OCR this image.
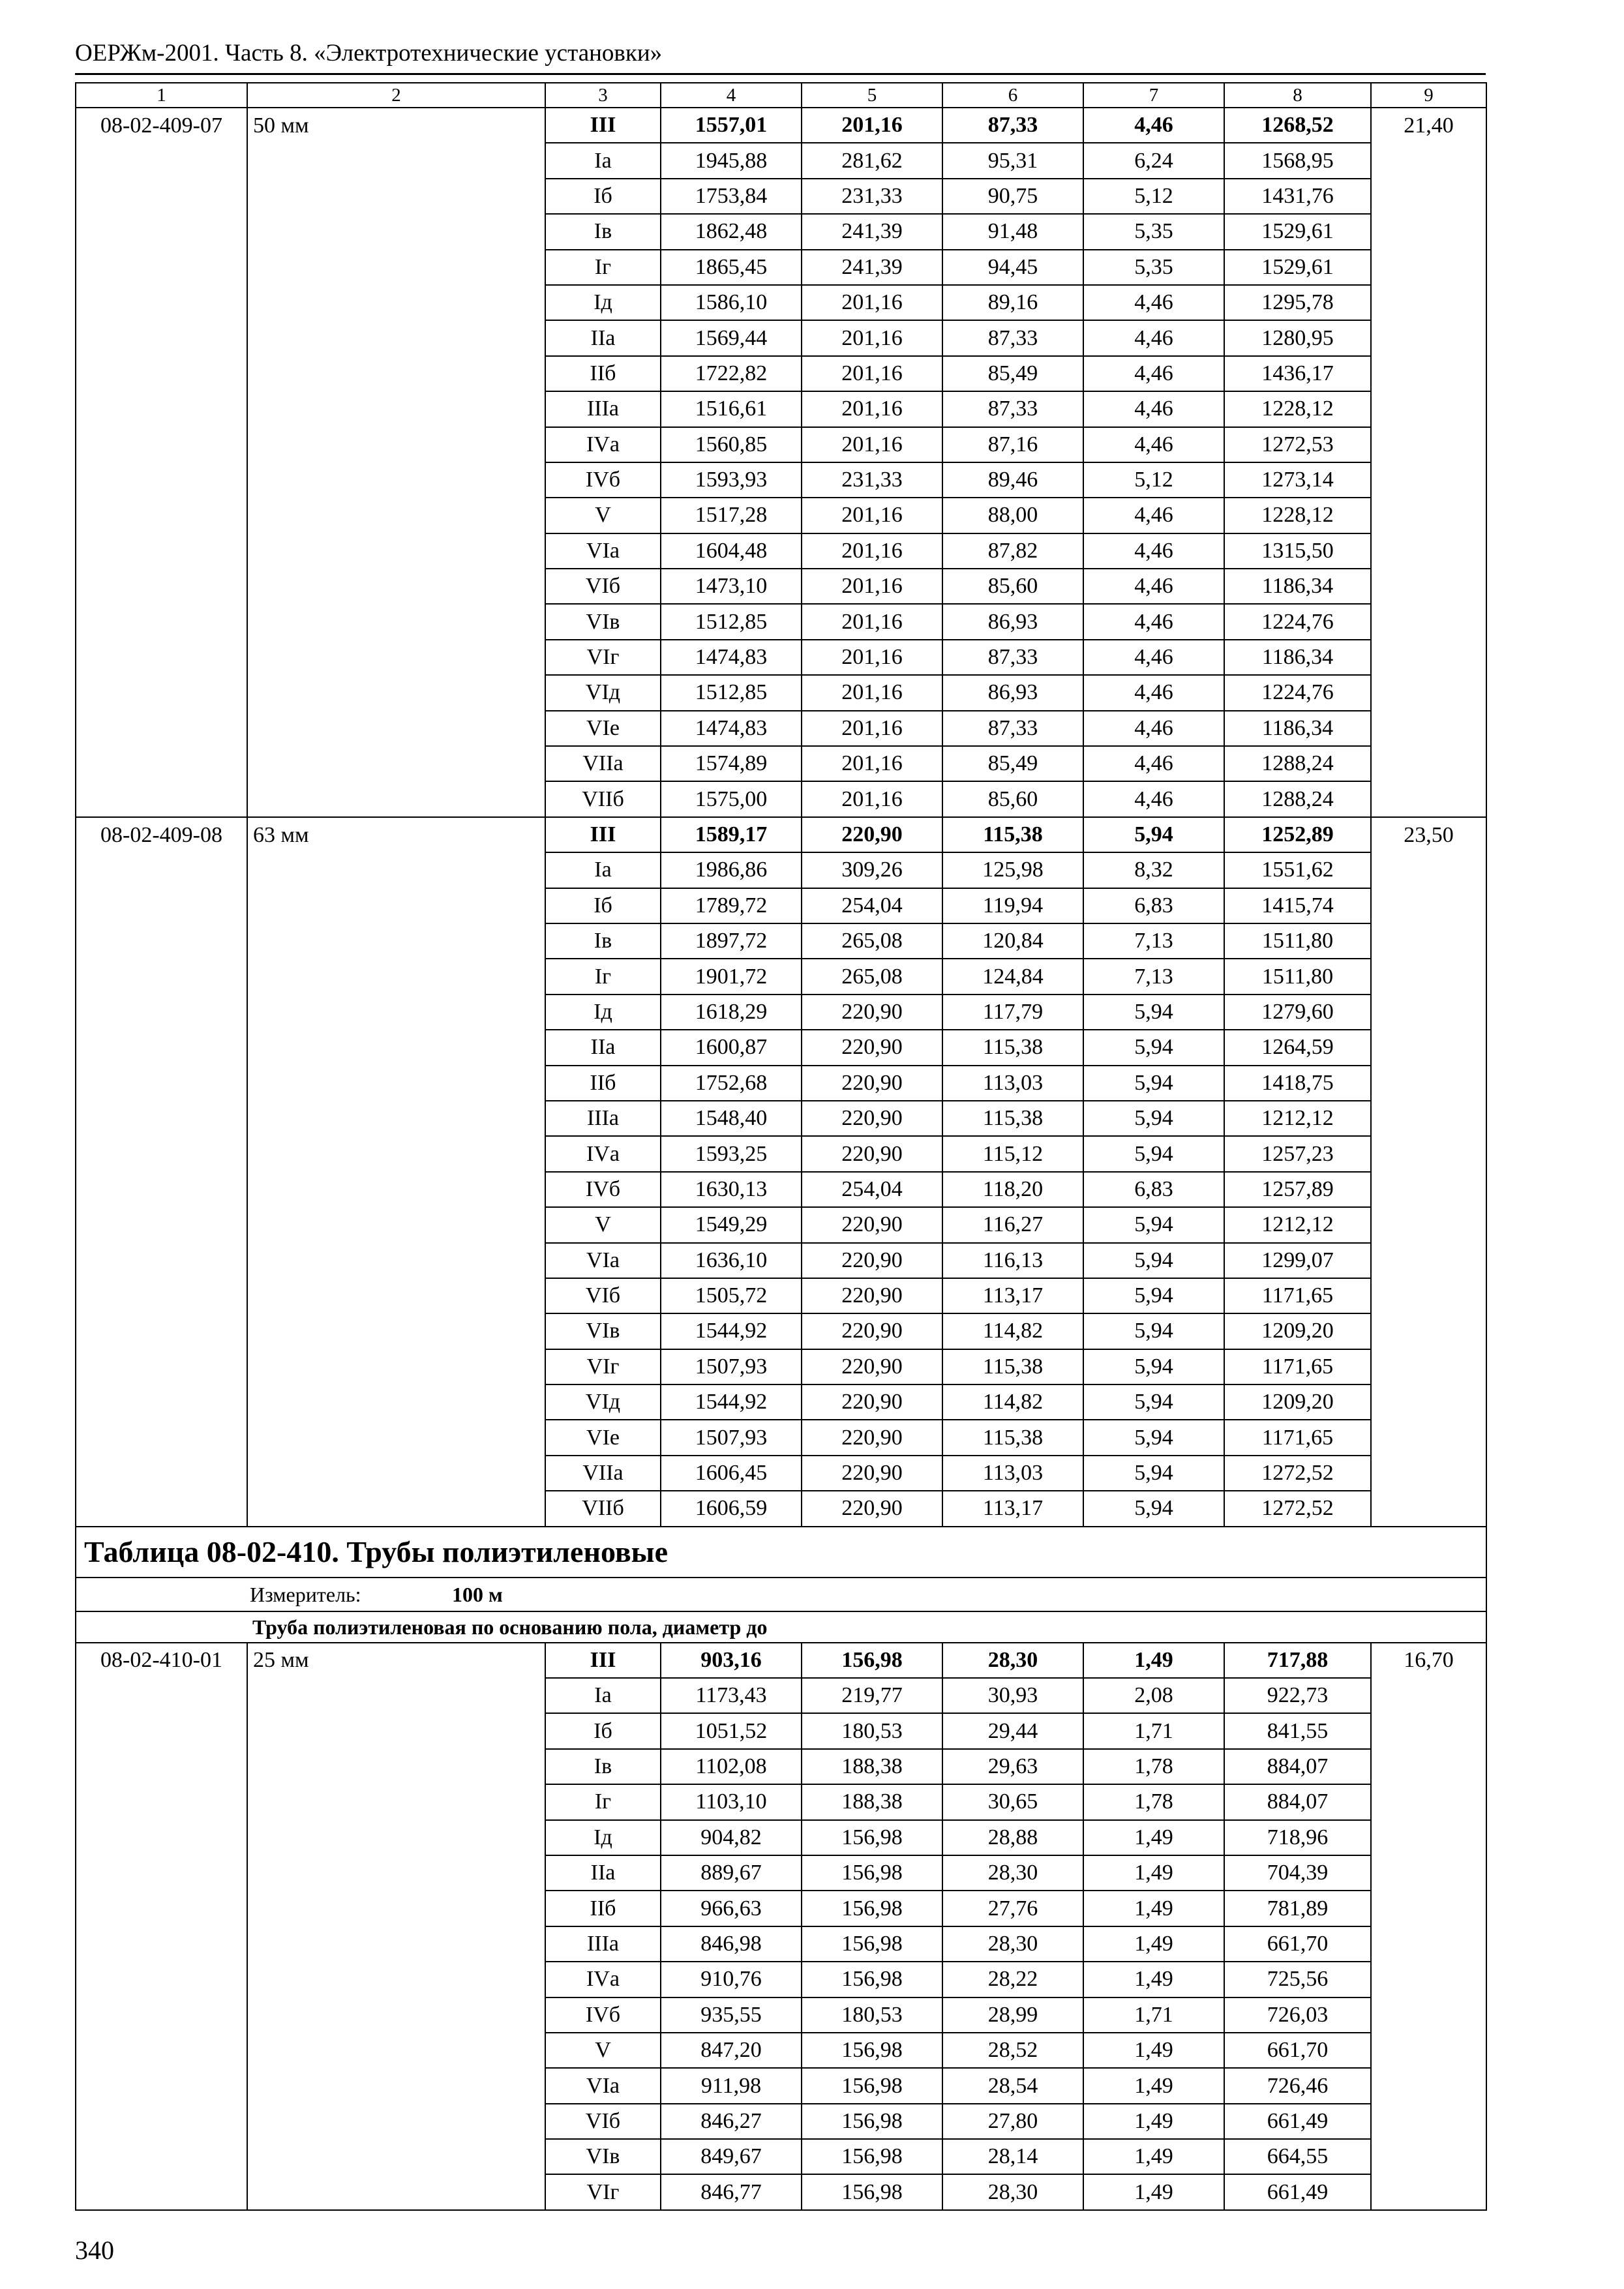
ОЕРЖм-2001. Часть 8. «Электротехнические установки»
1	2	3	4	5	6	7	8	9
08-02-409-07	50 мм	III	1557,01	201,16	87,33	4,46	1268,52	21,40
		Iа	1945,88	281,62	95,31	6,24	1568,95	
		Iб	1753,84	231,33	90,75	5,12	1431,76	
		Iв	1862,48	241,39	91,48	5,35	1529,61	
		Iг	1865,45	241,39	94,45	5,35	1529,61	
		Iд	1586,10	201,16	89,16	4,46	1295,78	
		IIа	1569,44	201,16	87,33	4,46	1280,95	
		IIб	1722,82	201,16	85,49	4,46	1436,17	
		IIIа	1516,61	201,16	87,33	4,46	1228,12	
		IVа	1560,85	201,16	87,16	4,46	1272,53	
		IVб	1593,93	231,33	89,46	5,12	1273,14	
		V	1517,28	201,16	88,00	4,46	1228,12	
		VIа	1604,48	201,16	87,82	4,46	1315,50	
		VIб	1473,10	201,16	85,60	4,46	1186,34	
		VIв	1512,85	201,16	86,93	4,46	1224,76	
		VIг	1474,83	201,16	87,33	4,46	1186,34	
		VIд	1512,85	201,16	86,93	4,46	1224,76	
		VIе	1474,83	201,16	87,33	4,46	1186,34	
		VIIа	1574,89	201,16	85,49	4,46	1288,24	
		VIIб	1575,00	201,16	85,60	4,46	1288,24	
08-02-409-08	63 мм	III	1589,17	220,90	115,38	5,94	1252,89	23,50
		Iа	1986,86	309,26	125,98	8,32	1551,62	
		Iб	1789,72	254,04	119,94	6,83	1415,74	
		Iв	1897,72	265,08	120,84	7,13	1511,80	
		Iг	1901,72	265,08	124,84	7,13	1511,80	
		Iд	1618,29	220,90	117,79	5,94	1279,60	
		IIа	1600,87	220,90	115,38	5,94	1264,59	
		IIб	1752,68	220,90	113,03	5,94	1418,75	
		IIIа	1548,40	220,90	115,38	5,94	1212,12	
		IVа	1593,25	220,90	115,12	5,94	1257,23	
		IVб	1630,13	254,04	118,20	6,83	1257,89	
		V	1549,29	220,90	116,27	5,94	1212,12	
		VIа	1636,10	220,90	116,13	5,94	1299,07	
		VIб	1505,72	220,90	113,17	5,94	1171,65	
		VIв	1544,92	220,90	114,82	5,94	1209,20	
		VIг	1507,93	220,90	115,38	5,94	1171,65	
		VIд	1544,92	220,90	114,82	5,94	1209,20	
		VIе	1507,93	220,90	115,38	5,94	1171,65	
		VIIа	1606,45	220,90	113,03	5,94	1272,52	
		VIIб	1606,59	220,90	113,17	5,94	1272,52	
Таблица 08-02-410. Трубы полиэтиленовые								
Измеритель: 100 м								
	Труба полиэтиленовая по основанию пола, диаметр до							
08-02-410-01	25 мм	III	903,16	156,98	28,30	1,49	717,88	16,70
		Iа	1173,43	219,77	30,93	2,08	922,73	
		Iб	1051,52	180,53	29,44	1,71	841,55	
		Iв	1102,08	188,38	29,63	1,78	884,07	
		Iг	1103,10	188,38	30,65	1,78	884,07	
		Iд	904,82	156,98	28,88	1,49	718,96	
		IIа	889,67	156,98	28,30	1,49	704,39	
		IIб	966,63	156,98	27,76	1,49	781,89	
		IIIа	846,98	156,98	28,30	1,49	661,70	
		IVа	910,76	156,98	28,22	1,49	725,56	
		IVб	935,55	180,53	28,99	1,71	726,03	
		V	847,20	156,98	28,52	1,49	661,70	
		VIа	911,98	156,98	28,54	1,49	726,46	
		VIб	846,27	156,98	27,80	1,49	661,49	
		VIв	849,67	156,98	28,14	1,49	664,55	
		VIг	846,77	156,98	28,30	1,49	661,49	
340
